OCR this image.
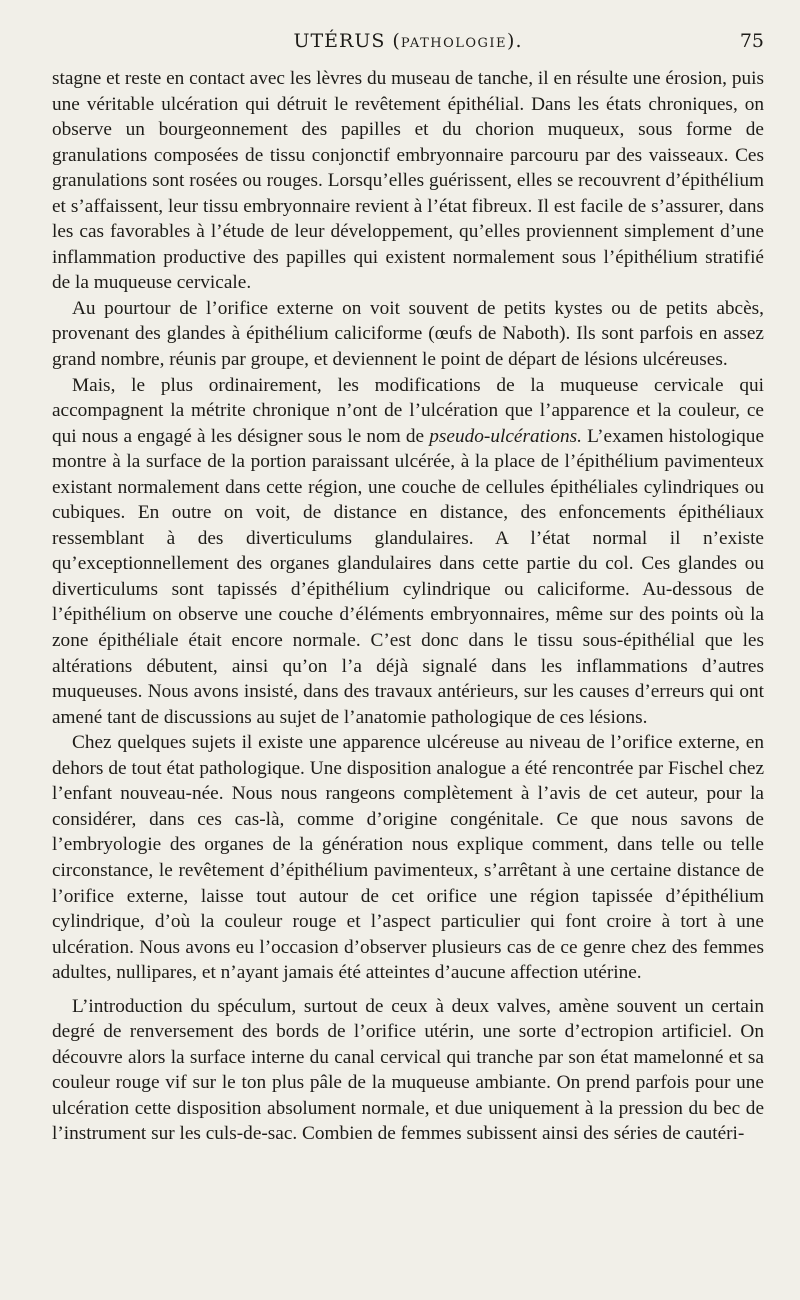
UTÉRUS (PATHOLOGIE).	75

stagne et reste en contact avec les lèvres du museau de tanche, il en résulte une érosion, puis une véritable ulcération qui détruit le revêtement épithélial. Dans les états chroniques, on observe un bourgeonnement des papilles et du chorion muqueux, sous forme de granulations composées de tissu conjonctif embryonnaire parcouru par des vaisseaux. Ces granulations sont rosées ou rouges. Lorsqu’elles guérissent, elles se recouvrent d’épithélium et s’affaissent, leur tissu embryonnaire revient à l’état fibreux. Il est facile de s’assurer, dans les cas favorables à l’étude de leur développement, qu’elles proviennent simplement d’une inflammation productive des papilles qui existent normalement sous l’épithélium stratifié de la muqueuse cervicale.

Au pourtour de l’orifice externe on voit souvent de petits kystes ou de petits abcès, provenant des glandes à épithélium caliciforme (œufs de Naboth). Ils sont parfois en assez grand nombre, réunis par groupe, et deviennent le point de départ de lésions ulcéreuses.

Mais, le plus ordinairement, les modifications de la muqueuse cervicale qui accompagnent la métrite chronique n’ont de l’ulcération que l’apparence et la couleur, ce qui nous a engagé à les désigner sous le nom de pseudo-ulcérations. L’examen histologique montre à la surface de la portion paraissant ulcérée, à la place de l’épithélium pavimenteux existant normalement dans cette région, une couche de cellules épithéliales cylindriques ou cubiques. En outre on voit, de distance en distance, des enfoncements épithéliaux ressemblant à des diverticulums glandulaires. A l’état normal il n’existe qu’exceptionnellement des organes glandulaires dans cette partie du col. Ces glandes ou diverticulums sont tapissés d’épithélium cylindrique ou caliciforme. Au-dessous de l’épithélium on observe une couche d’éléments embryonnaires, même sur des points où la zone épithéliale était encore normale. C’est donc dans le tissu sous-épithélial que les altérations débutent, ainsi qu’on l’a déjà signalé dans les inflammations d’autres muqueuses. Nous avons insisté, dans des travaux antérieurs, sur les causes d’erreurs qui ont amené tant de discussions au sujet de l’anatomie pathologique de ces lésions.

Chez quelques sujets il existe une apparence ulcéreuse au niveau de l’orifice externe, en dehors de tout état pathologique. Une disposition analogue a été rencontrée par Fischel chez l’enfant nouveau-née. Nous nous rangeons complètement à l’avis de cet auteur, pour la considérer, dans ces cas-là, comme d’origine congénitale. Ce que nous savons de l’embryologie des organes de la génération nous explique comment, dans telle ou telle circonstance, le revêtement d’épithélium pavimenteux, s’arrêtant à une certaine distance de l’orifice externe, laisse tout autour de cet orifice une région tapissée d’épithélium cylindrique, d’où la couleur rouge et l’aspect particulier qui font croire à tort à une ulcération. Nous avons eu l’occasion d’observer plusieurs cas de ce genre chez des femmes adultes, nullipares, et n’ayant jamais été atteintes d’aucune affection utérine.

L’introduction du spéculum, surtout de ceux à deux valves, amène souvent un certain degré de renversement des bords de l’orifice utérin, une sorte d’ectropion artificiel. On découvre alors la surface interne du canal cervical qui tranche par son état mamelonné et sa couleur rouge vif sur le ton plus pâle de la muqueuse ambiante. On prend parfois pour une ulcération cette disposition absolument normale, et due uniquement à la pression du bec de l’instrument sur les culs-de-sac. Combien de femmes subissent ainsi des séries de cautéri-
